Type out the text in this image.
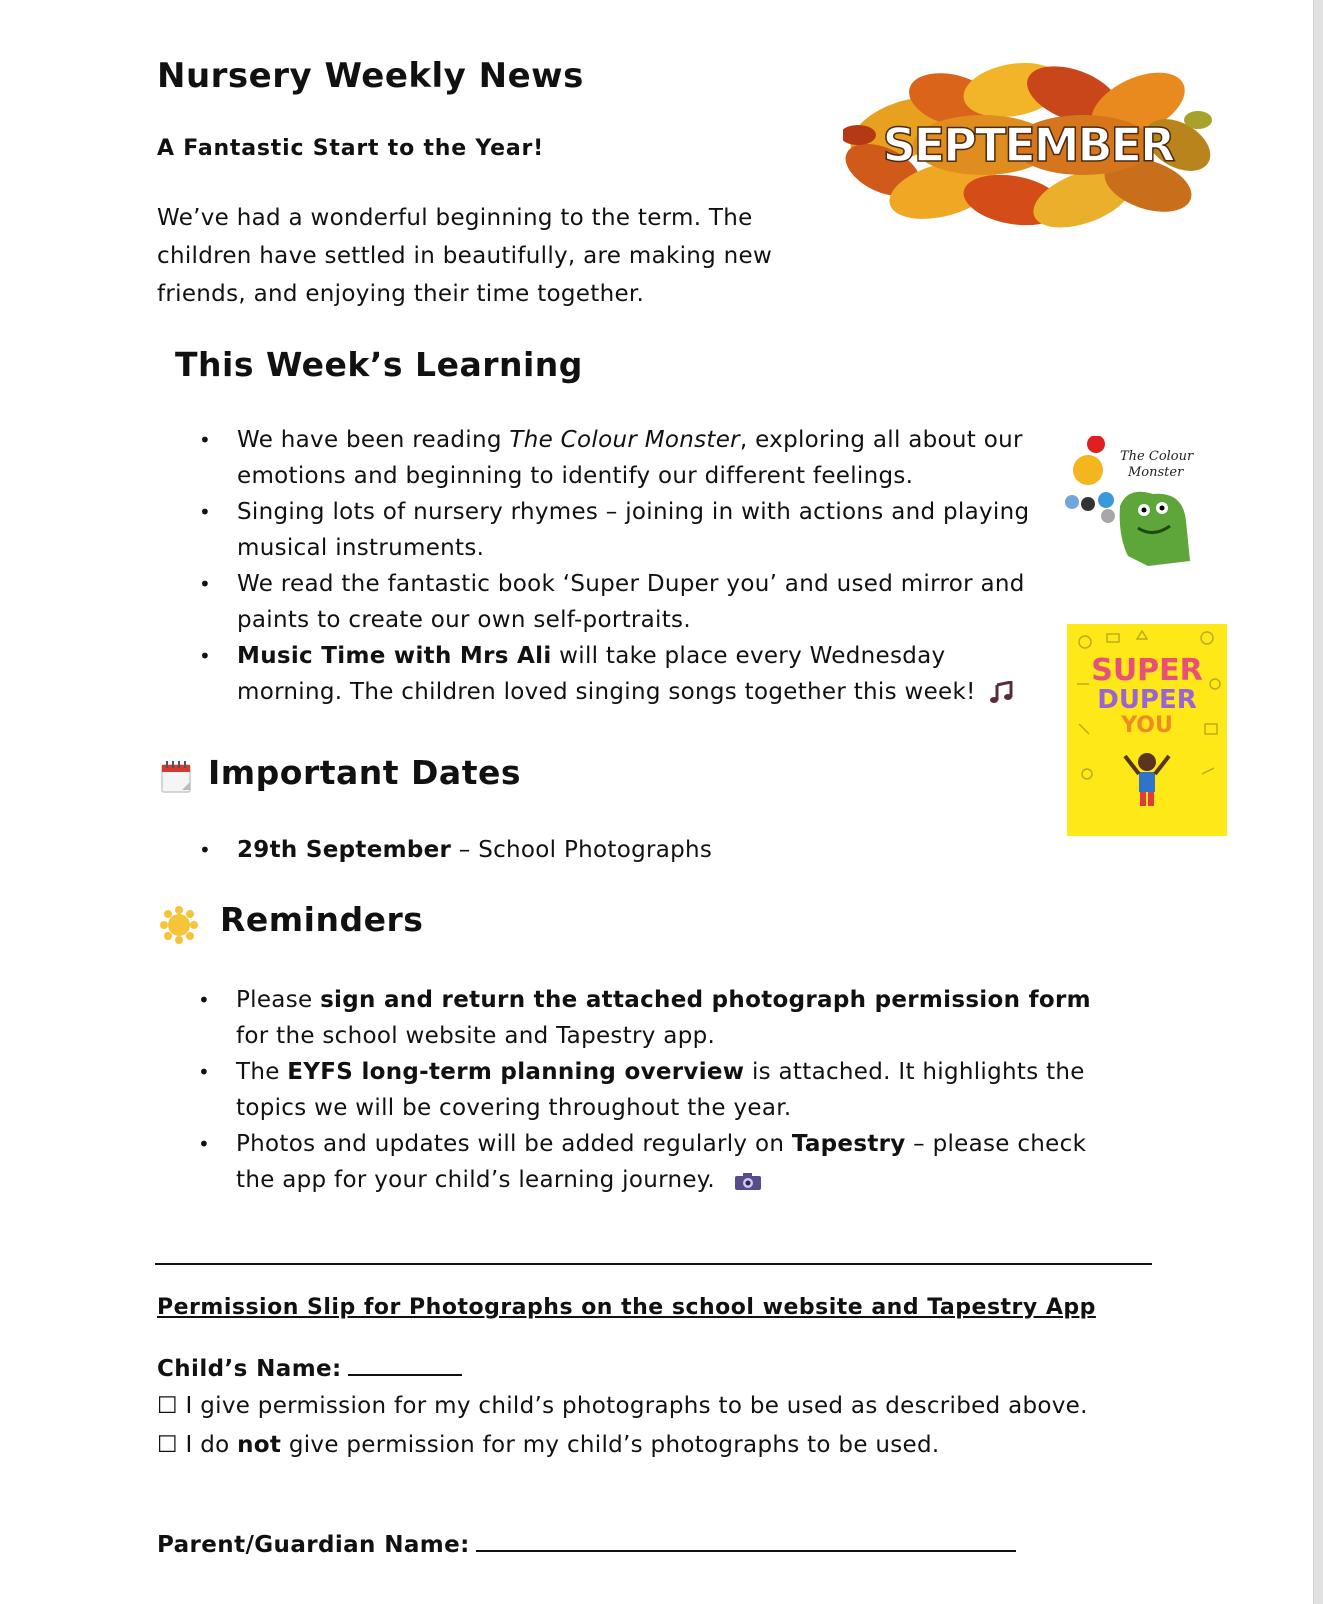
Nursery Weekly News
A Fantastic Start to the Year!
We’ve had a wonderful beginning to the term. The children have settled in beautifully, are making new friends, and enjoying their time together.
SEPTEMBER
This Week’s Learning
• We have been reading The Colour Monster, exploring all about our emotions and beginning to identify our different feelings.
• Singing lots of nursery rhymes – joining in with actions and playing musical instruments.
• We read the fantastic book ‘Super Duper you’ and used mirror and paints to create our own self-portraits.
• Music Time with Mrs Ali will take place every Wednesday morning. The children loved singing songs together this week!
The Colour
Monster
SUPER
DUPER
YOU
Important Dates
• 29th September – School Photographs
Reminders
• Please sign and return the attached photograph permission form for the school website and Tapestry app.
• The EYFS long-term planning overview is attached. It highlights the topics we will be covering throughout the year.
• Photos and updates will be added regularly on Tapestry – please check the app for your child’s learning journey.
Permission Slip for Photographs on the school website and Tapestry App
Child’s Name:
☐ I give permission for my child’s photographs to be used as described above.
☐ I do not give permission for my child’s photographs to be used.
Parent/Guardian Name:
